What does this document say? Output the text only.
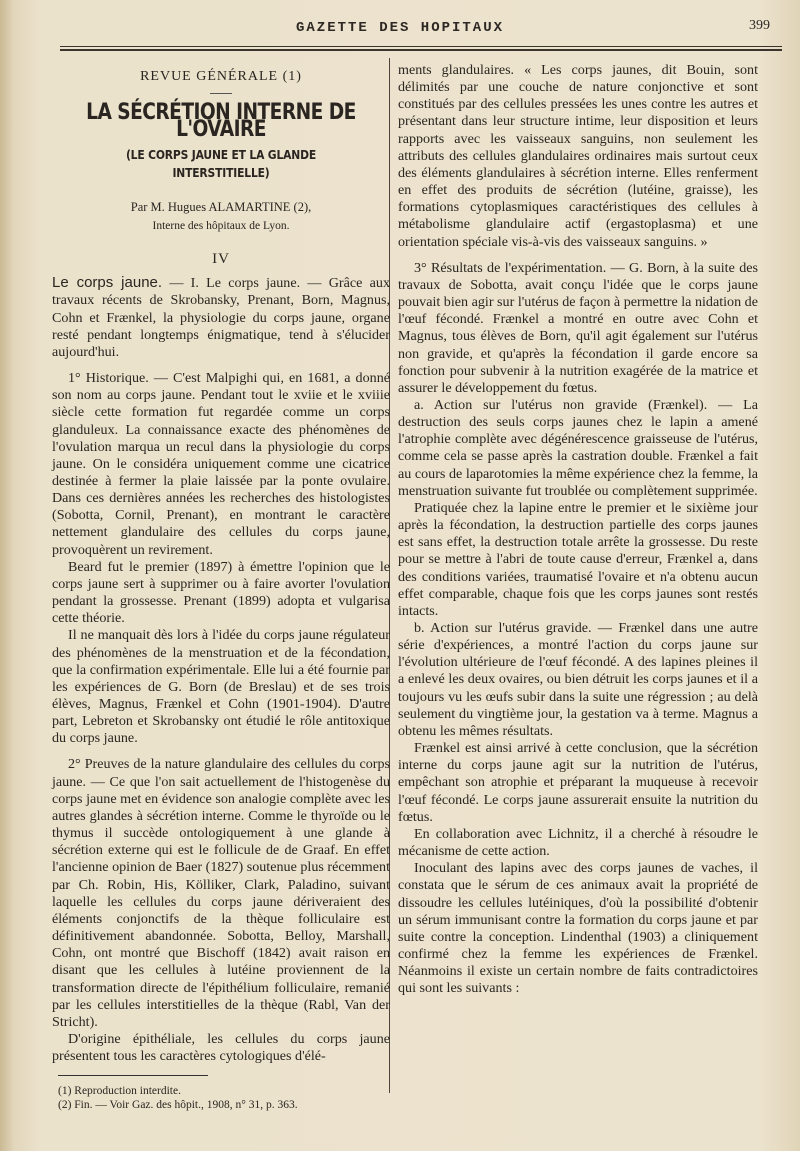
GAZETTE DES HOPITAUX	399
REVUE GÉNÉRALE (1)
LA SÉCRÉTION INTERNE DE L'OVAIRE
(LE CORPS JAUNE ET LA GLANDE INTERSTITIELLE)
Par M. Hugues ALAMARTINE (2),
Interne des hôpitaux de Lyon.
IV

Le corps jaune. — I. Le corps jaune. — Grâce aux travaux récents de Skrobansky, Prenant, Born, Magnus, Cohn et Frænkel, la physiologie du corps jaune, organe resté pendant longtemps énigmatique, tend à s'élucider aujourd'hui.

1° Historique. — C'est Malpighi qui, en 1681, a donné son nom au corps jaune. Pendant tout le xviie et le xviiie siècle cette formation fut regardée comme un corps glanduleux. La connaissance exacte des phénomènes de l'ovulation marqua un recul dans la physiologie du corps jaune. On le considéra uniquement comme une cicatrice destinée à fermer la plaie laissée par la ponte ovulaire. Dans ces dernières années les recherches des histologistes (Sobotta, Cornil, Prenant), en montrant le caractère nettement glandulaire des cellules du corps jaune, provoquèrent un revirement.

Beard fut le premier (1897) à émettre l'opinion que le corps jaune sert à supprimer ou à faire avorter l'ovulation pendant la grossesse. Prenant (1899) adopta et vulgarisa cette théorie.

Il ne manquait dès lors à l'idée du corps jaune régulateur des phénomènes de la menstruation et de la fécondation, que la confirmation expérimentale. Elle lui a été fournie par les expériences de G. Born (de Breslau) et de ses trois élèves, Magnus, Frænkel et Cohn (1901-1904). D'autre part, Lebreton et Skrobansky ont étudié le rôle antitoxique du corps jaune.

2° Preuves de la nature glandulaire des cellules du corps jaune. — Ce que l'on sait actuellement de l'histogenèse du corps jaune met en évidence son analogie complète avec les autres glandes à sécrétion interne. Comme le thyroïde ou le thymus il succède ontologiquement à une glande à sécrétion externe qui est le follicule de de Graaf. En effet l'ancienne opinion de Baer (1827) soutenue plus récemment par Ch. Robin, His, Kölliker, Clark, Paladino, suivant laquelle les cellules du corps jaune dériveraient des éléments conjonctifs de la thèque folliculaire est définitivement abandonnée. Sobotta, Belloy, Marshall, Cohn, ont montré que Bischoff (1842) avait raison en disant que les cellules à lutéine proviennent de la transformation directe de l'épithélium folliculaire, remanié par les cellules interstitielles de la thèque (Rabl, Van der Stricht).

D'origine épithéliale, les cellules du corps jaune présentent tous les caractères cytologiques d'élé-

(1) Reproduction interdite.

(2) Fin. — Voir Gaz. des hôpit., 1908, n° 31, p. 363.

ments glandulaires. « Les corps jaunes, dit Bouin, sont délimités par une couche de nature conjonctive et sont constitués par des cellules pressées les unes contre les autres et présentant dans leur structure intime, leur disposition et leurs rapports avec les vaisseaux sanguins, non seulement les attributs des cellules glandulaires ordinaires mais surtout ceux des éléments glandulaires à sécrétion interne. Elles renferment en effet des produits de sécrétion (lutéine, graisse), les formations cytoplasmiques caractéristiques des cellules à métabolisme glandulaire actif (ergastoplasma) et une orientation spéciale vis-à-vis des vaisseaux sanguins. »

3° Résultats de l'expérimentation. — G. Born, à la suite des travaux de Sobotta, avait conçu l'idée que le corps jaune pouvait bien agir sur l'utérus de façon à permettre la nidation de l'œuf fécondé. Frænkel a montré en outre avec Cohn et Magnus, tous élèves de Born, qu'il agit également sur l'utérus non gravide, et qu'après la fécondation il garde encore sa fonction pour subvenir à la nutrition exagérée de la matrice et assurer le développement du fœtus.

a. Action sur l'utérus non gravide (Frænkel). — La destruction des seuls corps jaunes chez le lapin a amené l'atrophie complète avec dégénérescence graisseuse de l'utérus, comme cela se passe après la castration double. Frænkel a fait au cours de laparotomies la même expérience chez la femme, la menstruation suivante fut troublée ou complètement supprimée.

Pratiquée chez la lapine entre le premier et le sixième jour après la fécondation, la destruction partielle des corps jaunes est sans effet, la destruction totale arrête la grossesse. Du reste pour se mettre à l'abri de toute cause d'erreur, Frænkel a, dans des conditions variées, traumatisé l'ovaire et n'a obtenu aucun effet comparable, chaque fois que les corps jaunes sont restés intacts.

b. Action sur l'utérus gravide. — Frænkel dans une autre série d'expériences, a montré l'action du corps jaune sur l'évolution ultérieure de l'œuf fécondé. A des lapines pleines il a enlevé les deux ovaires, ou bien détruit les corps jaunes et il a toujours vu les œufs subir dans la suite une régression ; au delà seulement du vingtième jour, la gestation va à terme. Magnus a obtenu les mêmes résultats.

Frænkel est ainsi arrivé à cette conclusion, que la sécrétion interne du corps jaune agit sur la nutrition de l'utérus, empêchant son atrophie et préparant la muqueuse à recevoir l'œuf fécondé. Le corps jaune assurerait ensuite la nutrition du fœtus.

En collaboration avec Lichnitz, il a cherché à résoudre le mécanisme de cette action.

Inoculant des lapins avec des corps jaunes de vaches, il constata que le sérum de ces animaux avait la propriété de dissoudre les cellules lutéiniques, d'où la possibilité d'obtenir un sérum immunisant contre la formation du corps jaune et par suite contre la conception. Lindenthal (1903) a cliniquement confirmé chez la femme les expériences de Frænkel. Néanmoins il existe un certain nombre de faits contradictoires qui sont les suivants :
